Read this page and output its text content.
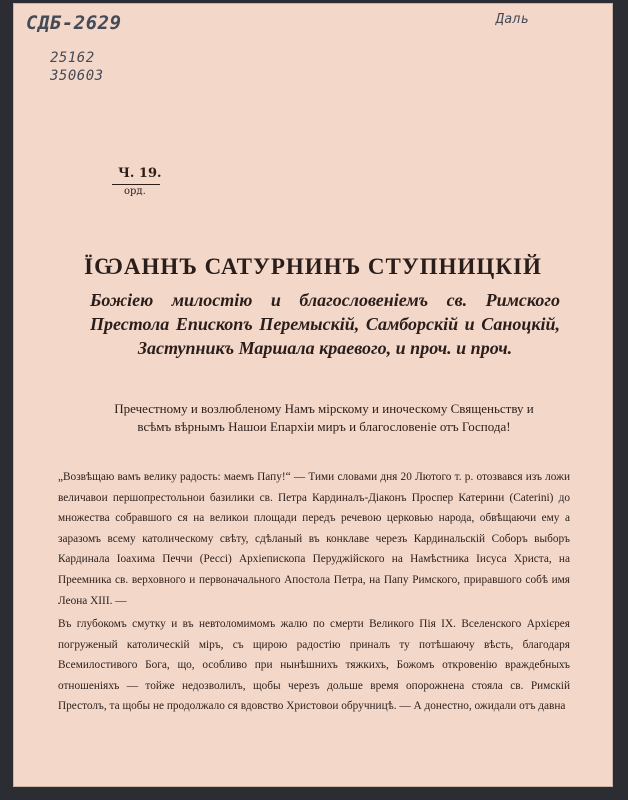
СДБ-2629
25162
350603
Даль
Ч. 19.
орд.
ЇѠАННЪ САТУРНИНЪ СТУПНИЦКІЙ
Божіею милостію и благословеніемъ св. Римского Престола Епископъ Перемыскій, Самборскій и Саноцкій, Заступникъ Маршала краевого, и проч. и проч.
Пречестному и возлюбленому Намъ мірскому и иноческому Священьству и всѣмъ вѣрнымъ Нашои Епархіи миръ и благословеніе отъ Господа!
„Возвѣщаю вамъ велику радость: маемъ Папу!“ — Тими словами дня 20 Лютого т. р. отозвався изъ ложи величавои першопрестольнои базилики св. Петра Кардиналъ-Діаконъ Проспер Катерини (Caterini) до множества собравшого ся на великои площади передъ речевою церковью народа, обвѣщаючи ему а заразомъ всему католическому свѣту, сдѣланый въ конклаве черезъ Кардинальскій Соборъ выборъ Кардинала Іоахима Печчи (Pecci) Архіепископа Перуджійского на Намѣстника Іисуса Христа, на Преемника св. верховного и первоначального Апостола Петра, на Папу Римского, приравшого собѣ имя Леона XIII. —
Въ глубокомъ смутку и въ невтоломимомъ жалю по смерти Великого Пія IX. Вселенского Архієрея погруженый католическій міръ, съ щирою радостію приналъ ту потѣшаючу вѣсть, благодаря Всемилостивого Бога, що, особливо при нынѣшнихъ тяжкихъ, Божомъ откровенію враждебныхъ отношеніяхъ — тойже недозволилъ, щобы черезъ дольше время опорожнена стояла св. Римскій Престолъ, та щобы не продолжало ся вдовство Христовои обручницѣ. — А донестно, ожидали отъ давна
